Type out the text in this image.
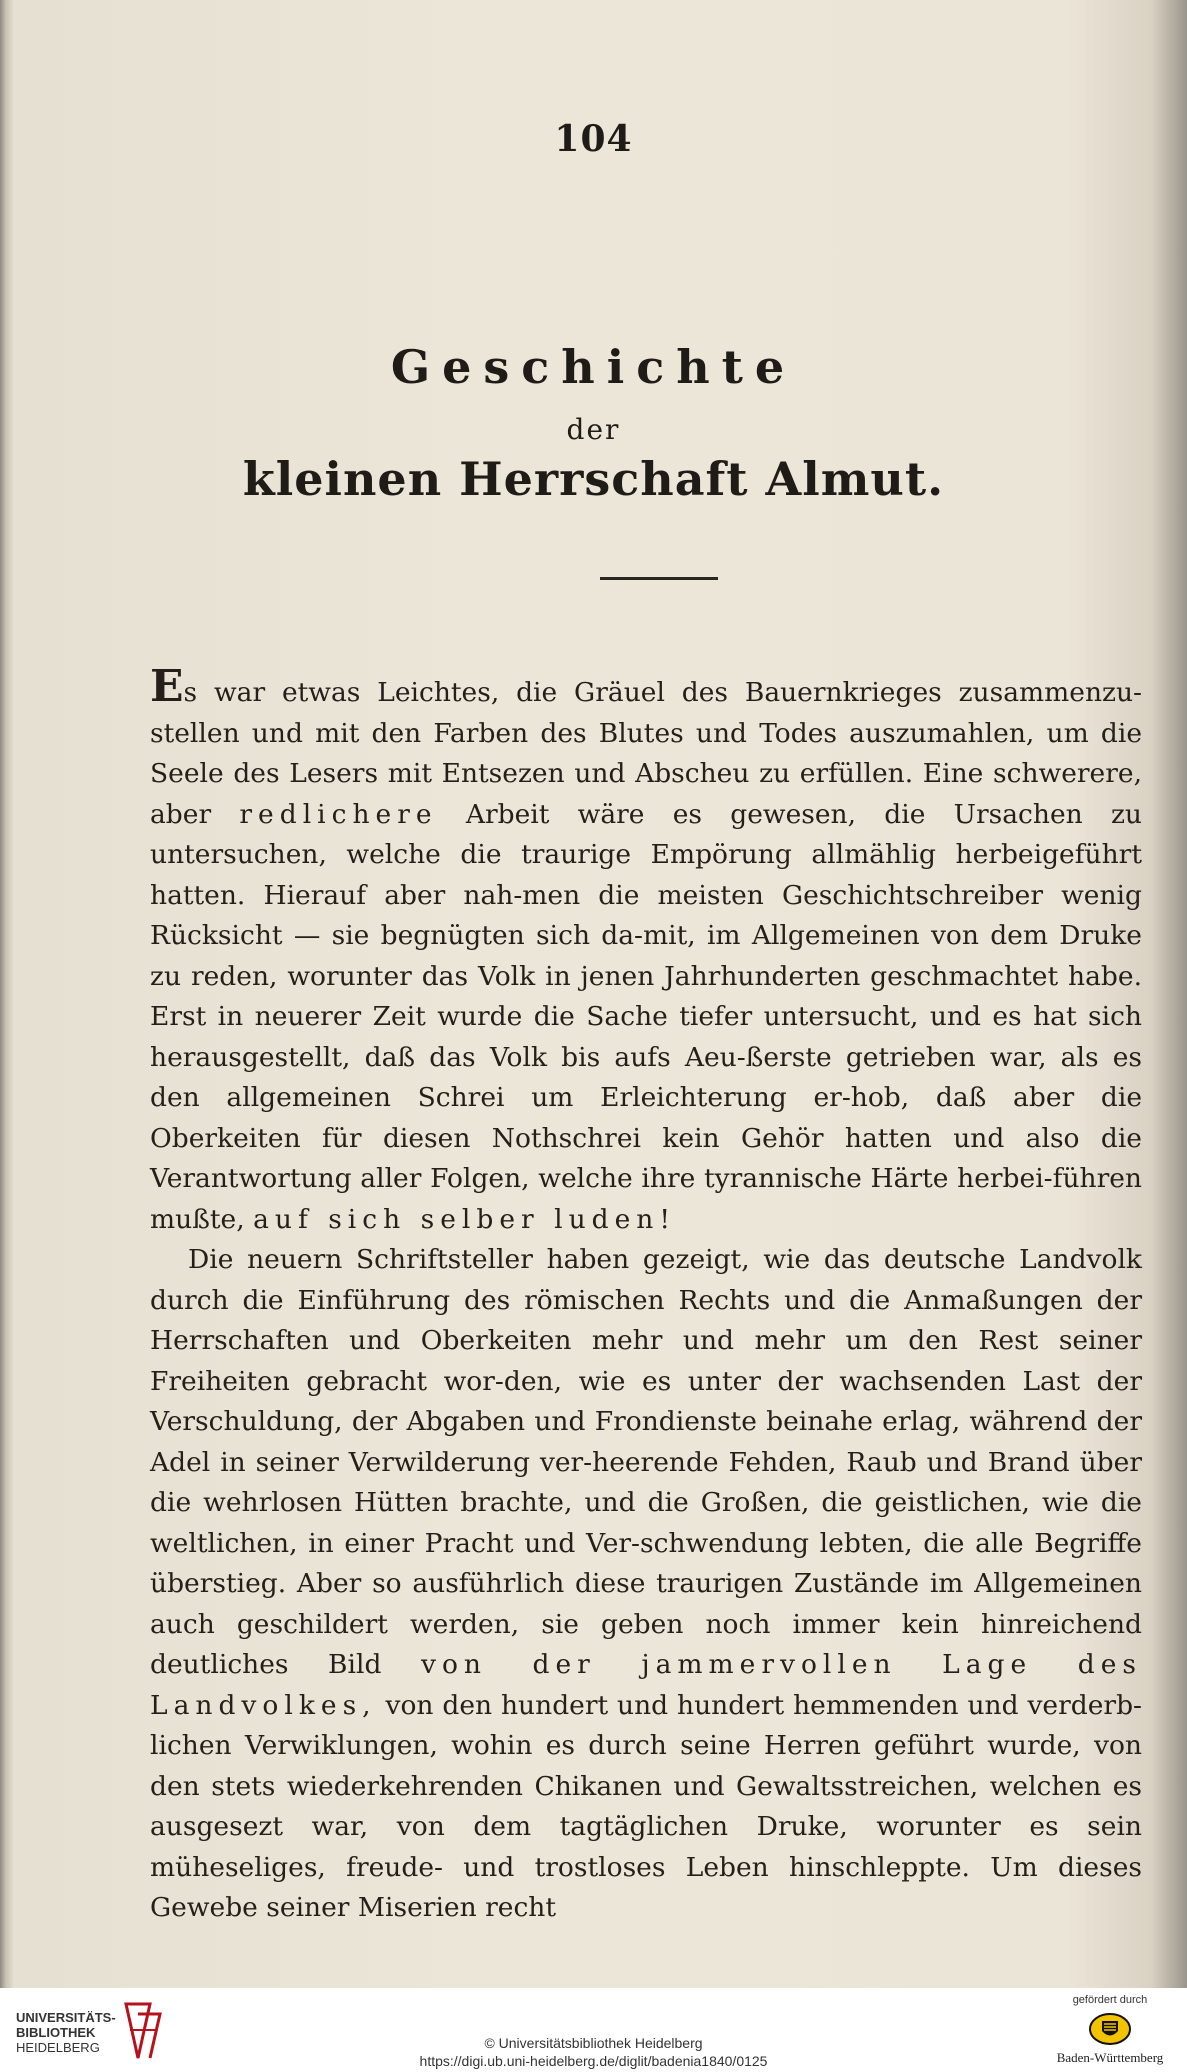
104
Geschichte
der
kleinen Herrschaft Almut.

Es war etwas Leichtes, die Gräuel des Bauernkrieges zusammenzu-stellen und mit den Farben des Blutes und Todes auszumahlen, um die Seele des Lesers mit Entsezen und Abscheu zu erfüllen. Eine schwerere, aber redlichere Arbeit wäre es gewesen, die Ursachen zu untersuchen, welche die traurige Empörung allmählig herbeigeführt hatten. Hierauf aber nah-men die meisten Geschichtschreiber wenig Rücksicht — sie begnügten sich da-mit, im Allgemeinen von dem Druke zu reden, worunter das Volk in jenen Jahrhunderten geschmachtet habe. Erst in neuerer Zeit wurde die Sache tiefer untersucht, und es hat sich herausgestellt, daß das Volk bis aufs Aeu-ßerste getrieben war, als es den allgemeinen Schrei um Erleichterung er-hob, daß aber die Oberkeiten für diesen Nothschrei kein Gehör hatten und also die Verantwortung aller Folgen, welche ihre tyrannische Härte herbei-führen mußte, auf sich selber luden!

Die neuern Schriftsteller haben gezeigt, wie das deutsche Landvolk durch die Einführung des römischen Rechts und die Anmaßungen der Herrschaften und Oberkeiten mehr und mehr um den Rest seiner Freiheiten gebracht wor-den, wie es unter der wachsenden Last der Verschuldung, der Abgaben und Frondienste beinahe erlag, während der Adel in seiner Verwilderung ver-heerende Fehden, Raub und Brand über die wehrlosen Hütten brachte, und die Großen, die geistlichen, wie die weltlichen, in einer Pracht und Ver-schwendung lebten, die alle Begriffe überstieg. Aber so ausführlich diese traurigen Zustände im Allgemeinen auch geschildert werden, sie geben noch immer kein hinreichend deutliches Bild von der jammervollen Lage des Landvolkes, von den hundert und hundert hemmenden und verderb-lichen Verwiklungen, wohin es durch seine Herren geführt wurde, von den stets wiederkehrenden Chikanen und Gewaltsstreichen, welchen es ausgesezt war, von dem tagtäglichen Druke, worunter es sein müheseliges, freude- und trostloses Leben hinschleppte. Um dieses Gewebe seiner Miserien recht

UNIVERSITÄTS-
BIBLIOTHEK
HEIDELBERG	© Universitätsbibliothek Heidelberg
https://digi.ub.uni-heidelberg.de/diglit/badenia1840/0125
gefördert durch
Baden-Württemberg
